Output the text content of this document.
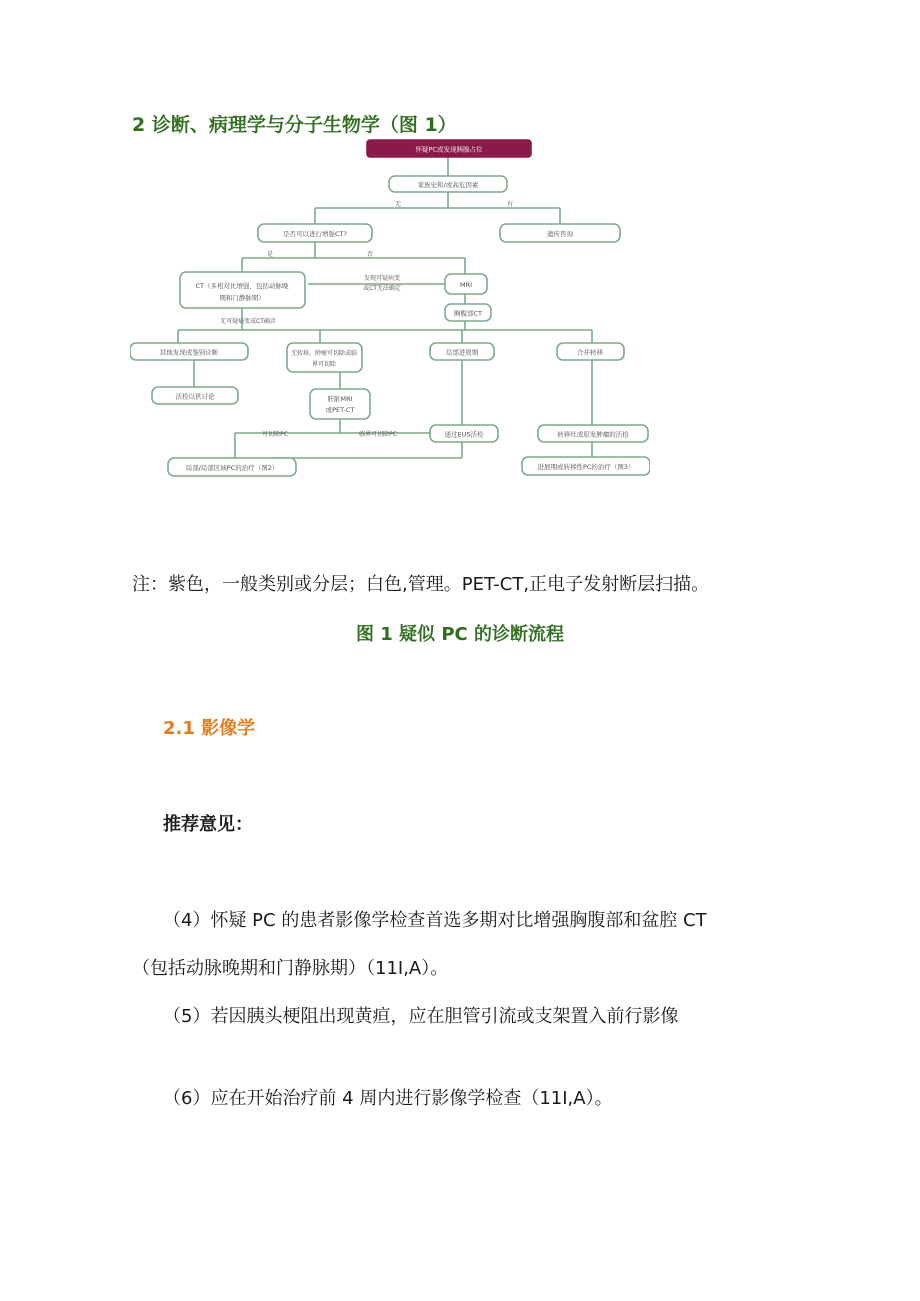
2 诊断、病理学与分子生物学（图 1）
怀疑PC或发现胰腺占位
家族史和/或高危因素
是否可以进行增强CT?	遗传咨询
CT（多相对比增强，包括动脉晚
期和门静脉期）
MRI
胸腹部CT
其他发现或鉴别诊断	无转移，肿瘤可切除或临
界可切除
局部进展期	合并转移
活检以供讨论	肝脏MRI
或PET-CT
通过EUS活检	转移灶或原发肿瘤的活检
局部/局部区域PC的治疗（图2）	进展期或转移性PC的治疗（图3）
无	有
是	否
发现可疑病变
或CT无法确定
无可疑病变或CT确诊
可切除PC	临界可切除PC
注：紫色，一般类别或分层；白色,管理。PET-CT,正电子发射断层扫描。
图 1 疑似 PC 的诊断流程
2.1 影像学
推荐意见：
（4）怀疑 PC 的患者影像学检查首选多期对比增强胸腹部和盆腔 CT
（包括动脉晚期和门静脉期）（11I,A）。
（5）若因胰头梗阻出现黄疸，应在胆管引流或支架置入前行影像
（6）应在开始治疗前 4 周内进行影像学检查（11I,A）。
